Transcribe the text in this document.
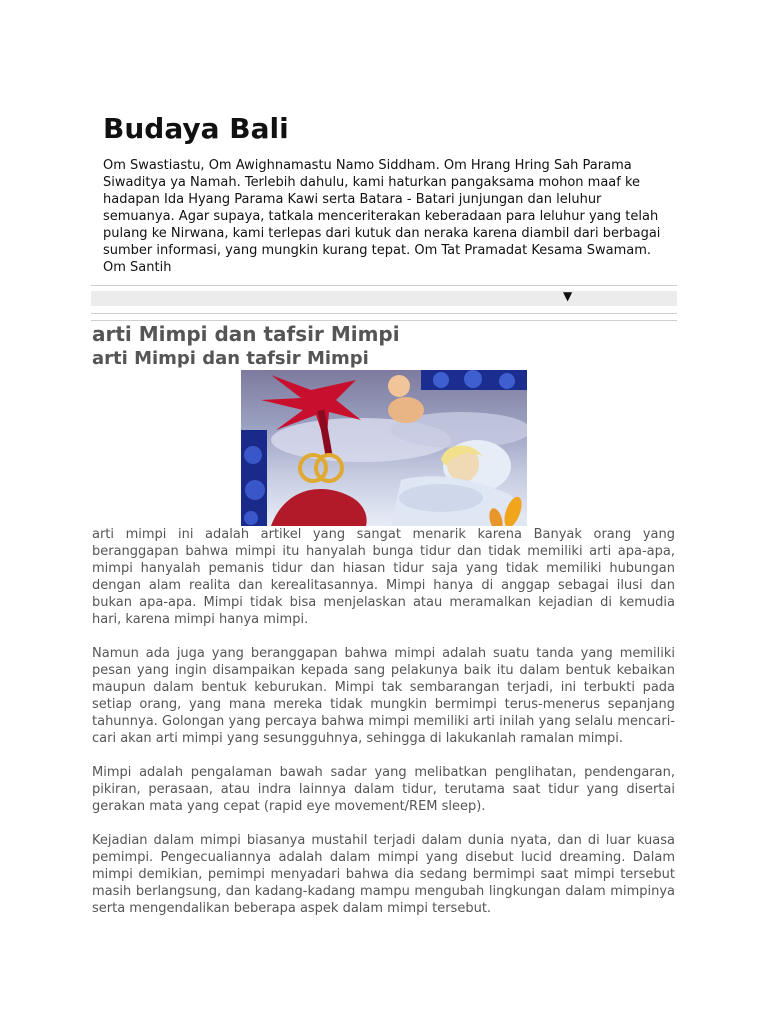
Budaya Bali

Om Swastiastu, Om Awighnamastu Namo Siddham. Om Hrang Hring Sah Parama Siwaditya ya Namah. Terlebih dahulu, kami haturkan pangaksama mohon maaf ke hadapan Ida Hyang Parama Kawi serta Batara - Batari junjungan dan leluhur semuanya. Agar supaya, tatkala menceriterakan keberadaan para leluhur yang telah pulang ke Nirwana, kami terlepas dari kutuk dan neraka karena diambil dari berbagai sumber informasi, yang mungkin kurang tepat. Om Tat Pramadat Kesama Swamam. Om Santih

▼
arti Mimpi dan tafsir Mimpi
arti Mimpi dan tafsir Mimpi

arti mimpi ini adalah artikel yang sangat menarik karena Banyak orang yang beranggapan bahwa mimpi itu hanyalah bunga tidur dan tidak memiliki arti apa-apa, mimpi hanyalah pemanis tidur dan hiasan tidur saja yang tidak memiliki hubungan dengan alam realita dan kerealitasannya. Mimpi hanya di anggap sebagai ilusi dan bukan apa-apa. Mimpi tidak bisa menjelaskan atau meramalkan kejadian di kemudia hari, karena mimpi hanya mimpi.

Namun ada juga yang beranggapan bahwa mimpi adalah suatu tanda yang memiliki pesan yang ingin disampaikan kepada sang pelakunya baik itu dalam bentuk kebaikan maupun dalam bentuk keburukan. Mimpi tak sembarangan terjadi, ini terbukti pada setiap orang, yang mana mereka tidak mungkin bermimpi terus-menerus sepanjang tahunnya. Golongan yang percaya bahwa mimpi memiliki arti inilah yang selalu mencari-cari akan arti mimpi yang sesungguhnya, sehingga di lakukanlah ramalan mimpi.

Mimpi adalah pengalaman bawah sadar yang melibatkan penglihatan, pendengaran, pikiran, perasaan, atau indra lainnya dalam tidur, terutama saat tidur yang disertai gerakan mata yang cepat (rapid eye movement/REM sleep).

Kejadian dalam mimpi biasanya mustahil terjadi dalam dunia nyata, dan di luar kuasa pemimpi. Pengecualiannya adalah dalam mimpi yang disebut lucid dreaming. Dalam mimpi demikian, pemimpi menyadari bahwa dia sedang bermimpi saat mimpi tersebut masih berlangsung, dan kadang-kadang mampu mengubah lingkungan dalam mimpinya serta mengendalikan beberapa aspek dalam mimpi tersebut.
